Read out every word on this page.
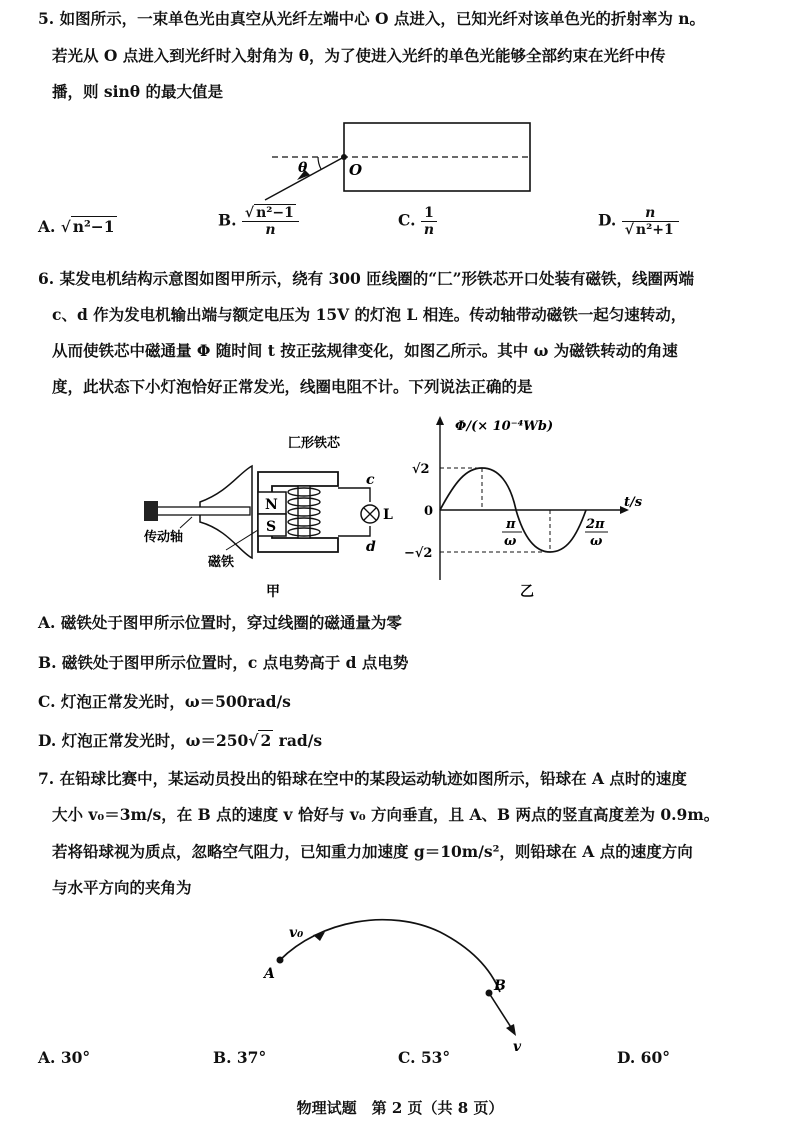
5. 如图所示，一束单色光由真空从光纤左端中心 O 点进入，已知光纤对该单色光的折射率为 n。
若光从 O 点进入到光纤时入射角为 θ，为了使进入光纤的单色光能够全部约束在光纤中传
播，则 sinθ 的最大值是
θ	O
A. √ n²−1	B. $\frac{\text{√ n²−1}}{n}$	C. $\frac{1}{n}$	D. $\frac{n}{\text{√ n²+1}}$
6. 某发电机结构示意图如图甲所示，绕有 300 匝线圈的“匚”形铁芯开口处装有磁铁，线圈两端
c、d 作为发电机输出端与额定电压为 15V 的灯泡 L 相连。传动轴带动磁铁一起匀速转动，
从而使铁芯中磁通量 Φ 随时间 t 按正弦规律变化，如图乙所示。其中 ω 为磁铁转动的角速
度，此状态下小灯泡恰好正常发光，线圈电阻不计。下列说法正确的是
匚形铁芯
N
S
c
d
L
传动轴
磁铁
甲
Φ/(× 10⁻⁴Wb)
t/s
√2
0
−√2
π
ω
2π
ω
乙
A. 磁铁处于图甲所示位置时，穿过线圈的磁通量为零
B. 磁铁处于图甲所示位置时，c 点电势高于 d 点电势
C. 灯泡正常发光时，ω＝500rad/s
D. 灯泡正常发光时，ω＝250√ 2 rad/s
7. 在铅球比赛中，某运动员投出的铅球在空中的某段运动轨迹如图所示，铅球在 A 点时的速度
大小 v₀＝3m/s，在 B 点的速度 v 恰好与 v₀ 方向垂直，且 A、B 两点的竖直高度差为 0.9m。
若将铅球视为质点，忽略空气阻力，已知重力加速度 g＝10m/s²，则铅球在 A 点的速度方向
与水平方向的夹角为
A
B
v₀
v
A. 30°	B. 37°	C. 53°	D. 60°
物理试题　第 2 页（共 8 页）
